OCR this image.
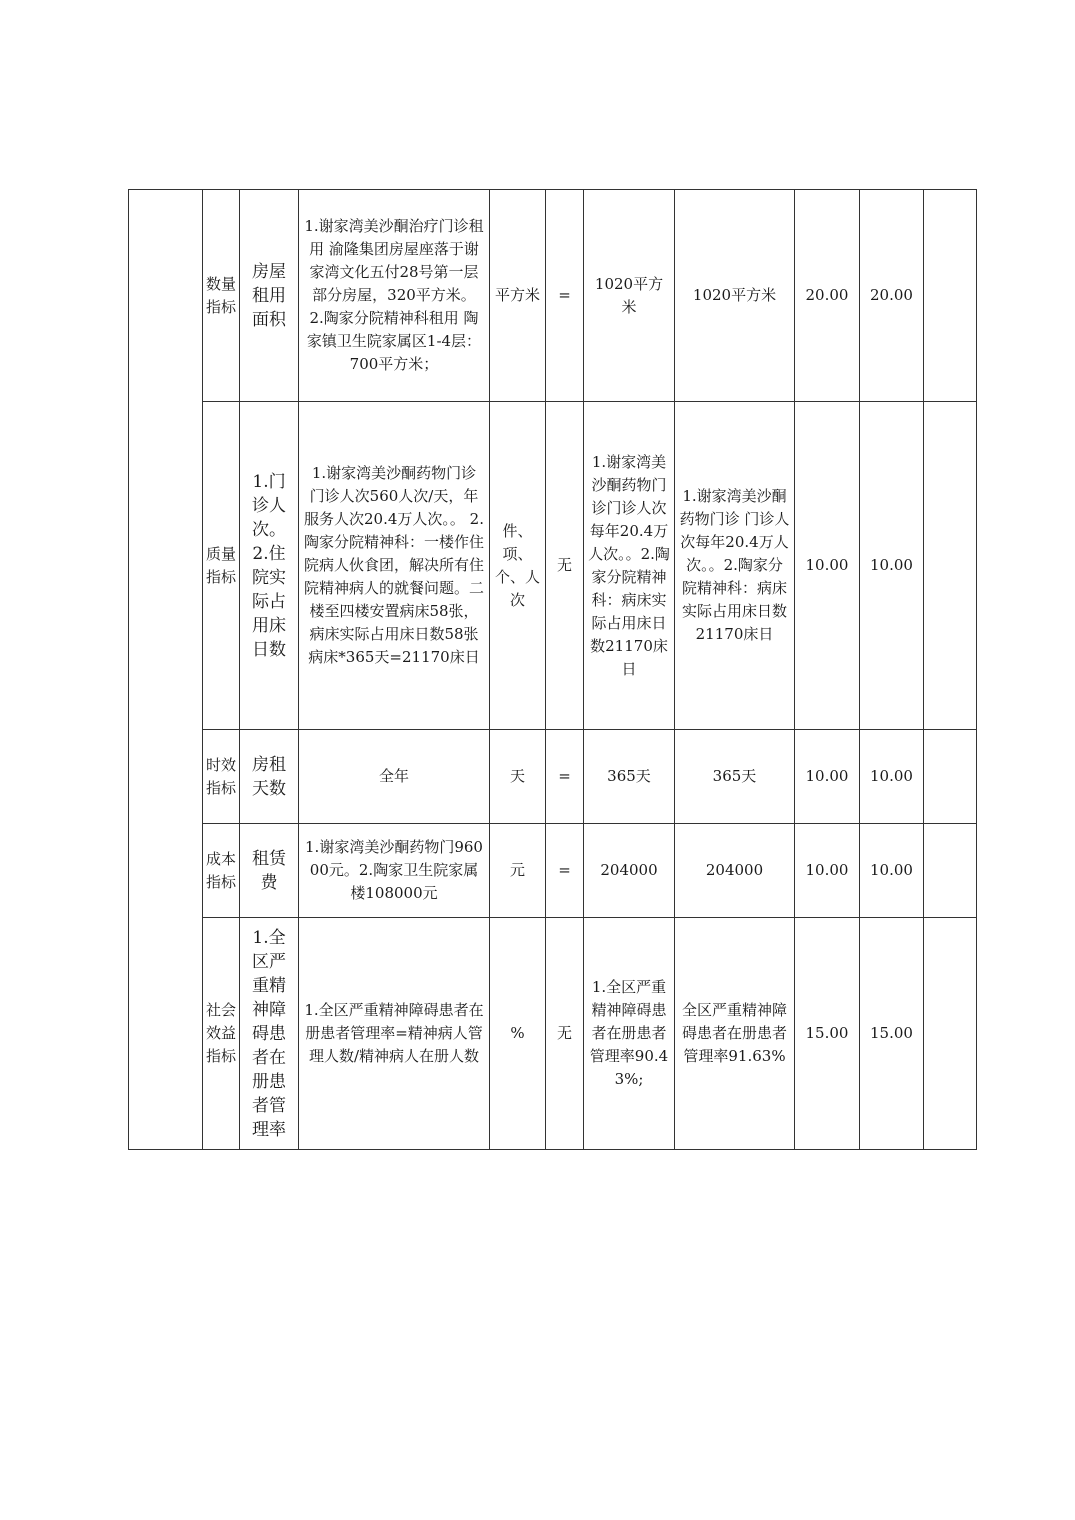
	数量指标	房屋租用面积	1.谢家湾美沙酮治疗门诊租用 渝隆集团房屋座落于谢家湾文化五付28号第一层部分房屋，320平方米。 2.陶家分院精神科租用 陶家镇卫生院家属区1-4层：700平方米；	平方米	=	1020平方米	1020平方米	20.00	20.00	
	质量指标	1.门诊人次。2.住院实际占用床日数	1.谢家湾美沙酮药物门诊　门诊人次560人次/天，年服务人次20.4万人次。。 2.陶家分院精神科：一楼作住院病人伙食团，解决所有住院精神病人的就餐问题。二楼至四楼安置病床58张，病床实际占用床日数58张病床*365天=21170床日	件、项、个、人次	无	1.谢家湾美沙酮药物门诊门诊人次每年20.4万人次。。2.陶家分院精神科：病床实际占用床日数21170床日	1.谢家湾美沙酮药物门诊 门诊人次每年20.4万人次。。2.陶家分院精神科：病床实际占用床日数21170床日	10.00	10.00	
	时效指标	房租天数	全年	天	=	365天	365天	10.00	10.00	
	成本指标	租赁费	1.谢家湾美沙酮药物门96000元。2.陶家卫生院家属楼108000元	元	=	204000	204000	10.00	10.00	
	社会效益指标	1.全区严重精神障碍患者在册患者管理率	1.全区严重精神障碍患者在册患者管理率=精神病人管理人数/精神病人在册人数	%	无	1.全区严重精神障碍患者在册患者管理率90.43%;	全区严重精神障碍患者在册患者管理率91.63%	15.00	15.00	
